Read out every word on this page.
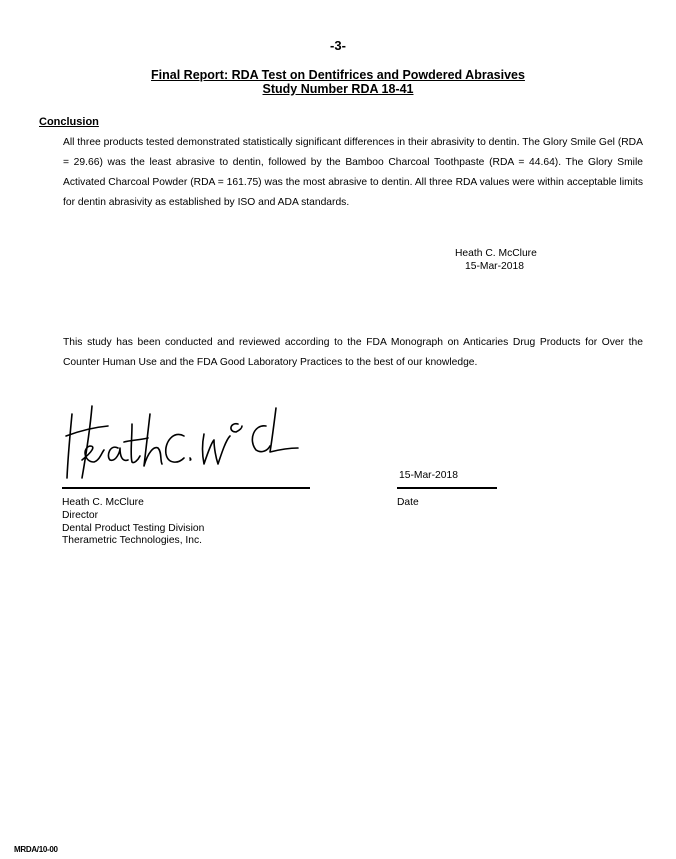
-3-
Final Report: RDA Test on Dentifrices and Powdered Abrasives
Study Number RDA 18-41
Conclusion
All three products tested demonstrated statistically significant differences in their abrasivity to dentin. The Glory Smile Gel (RDA = 29.66) was the least abrasive to dentin, followed by the Bamboo Charcoal Toothpaste (RDA = 44.64). The Glory Smile Activated Charcoal Powder (RDA = 161.75) was the most abrasive to dentin. All three RDA values were within acceptable limits for dentin abrasivity as established by ISO and ADA standards.
Heath C. McClure
15-Mar-2018
This study has been conducted and reviewed according to the FDA Monograph on Anticaries Drug Products for Over the Counter Human Use and the FDA Good Laboratory Practices to the best of our knowledge.
15-Mar-2018
Heath C. McClure
Director
Dental Product Testing Division
Therametric Technologies, Inc.
Date
MRDA/10-00
